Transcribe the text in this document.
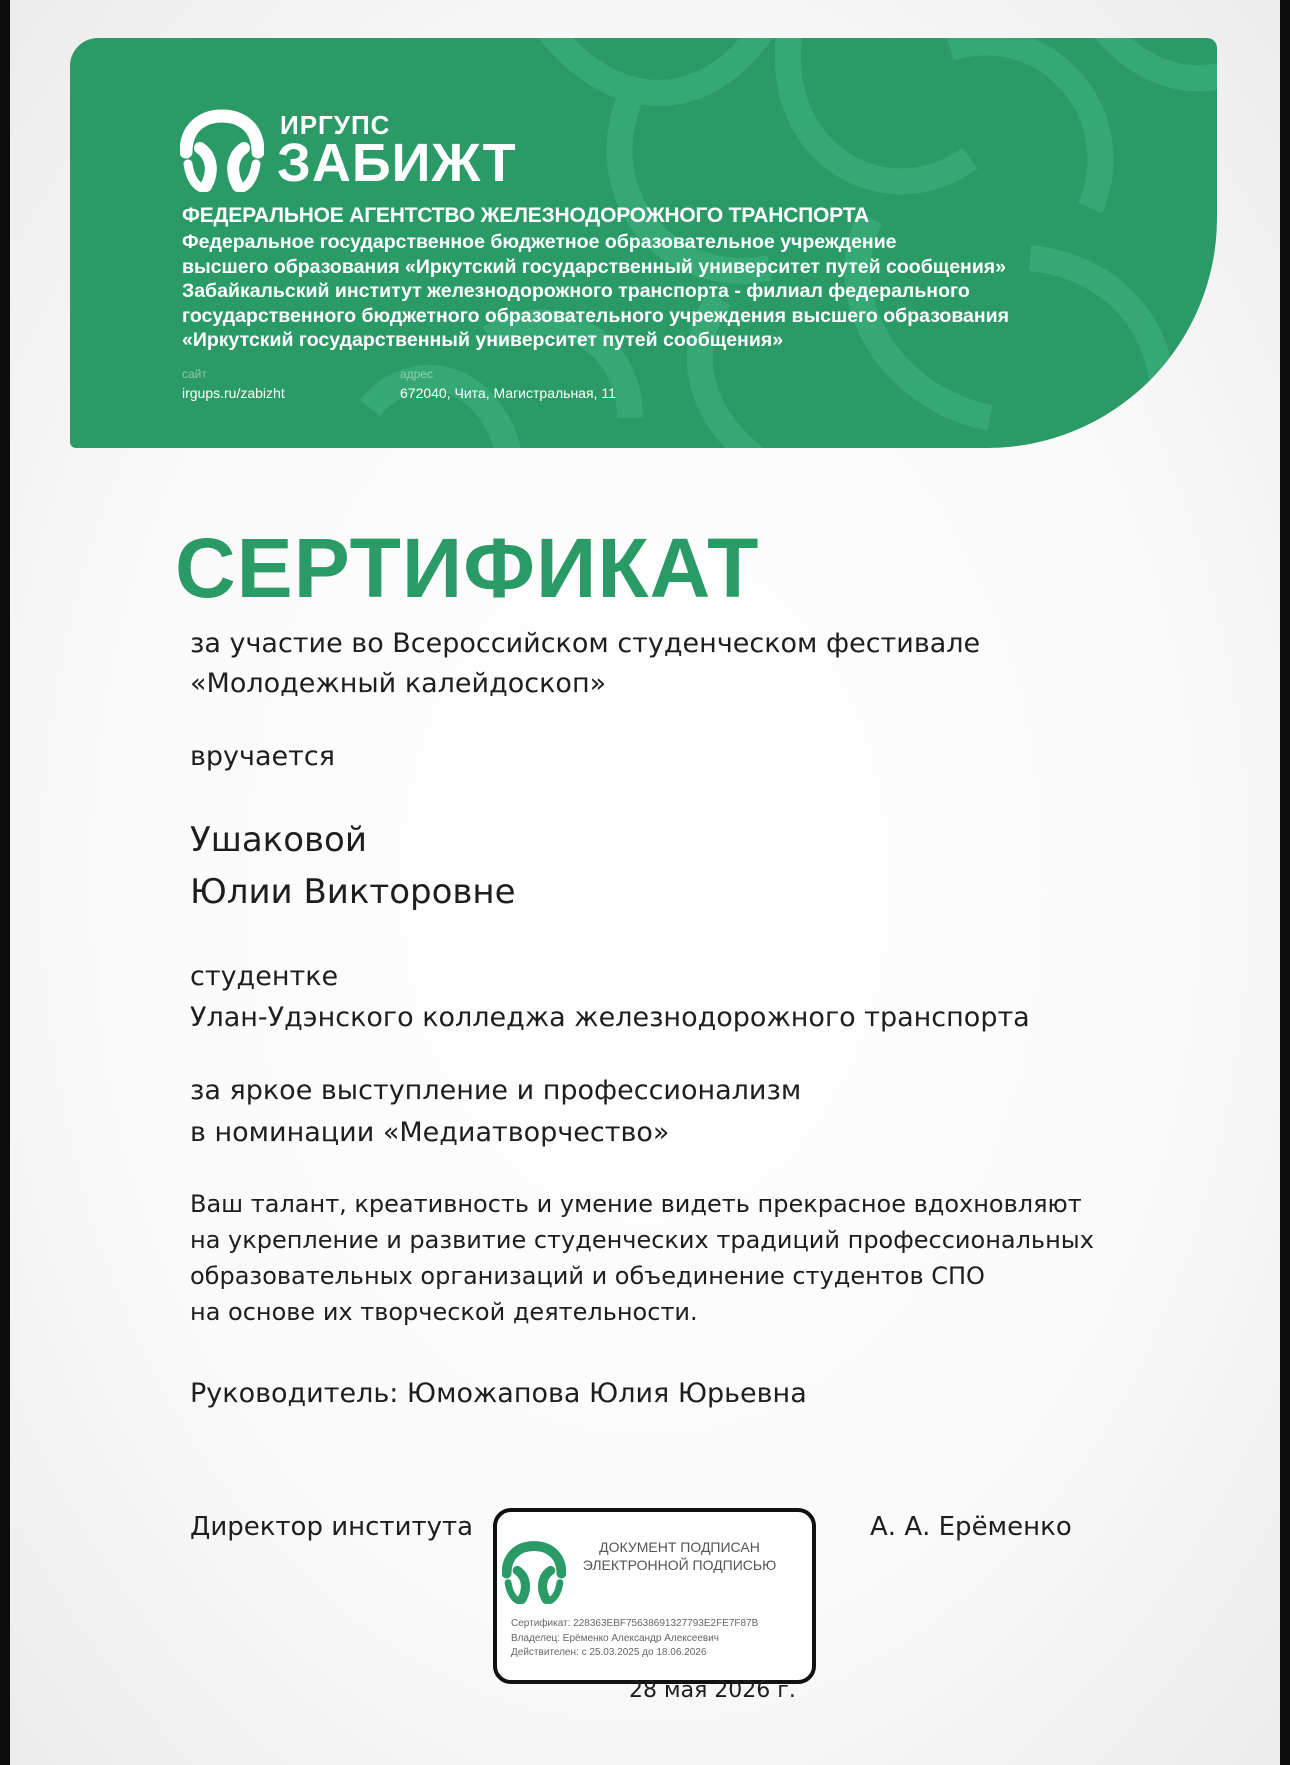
ИРГУПС
ЗАБИЖТ
ФЕДЕРАЛЬНОЕ АГЕНТСТВО ЖЕЛЕЗНОДОРОЖНОГО ТРАНСПОРТА
Федеральное государственное бюджетное образовательное учреждение
высшего образования «Иркутский государственный университет путей сообщения»
Забайкальский институт железнодорожного транспорта - филиал федерального
государственного бюджетного образовательного учреждения высшего образования
«Иркутский государственный университет путей сообщения»
сайт
irgups.ru/zabizht
адрес
672040, Чита, Магистральная, 11
СЕРТИФИКАТ
за участие во Всероссийском студенческом фестивале
«Молодежный калейдоскоп»
вручается
Ушаковой
Юлии Викторовне
студентке
Улан-Удэнского колледжа железнодорожного транспорта
за яркое выступление и профессионализм
в номинации «Медиатворчество»
Ваш талант, креативность и умение видеть прекрасное вдохновляют
на укрепление и развитие студенческих традиций профессиональных
образовательных организаций и объединение студентов СПО
на основе их творческой деятельности.
Руководитель: Юможапова Юлия Юрьевна
Директор института	А. А. Ерёменко
ДОКУМЕНТ ПОДПИСАН
ЭЛЕКТРОННОЙ ПОДПИСЬЮ
Сертификат: 228363EBF75638691327793E2FE7F87B
Владелец: Ерёменко Александр Алексеевич
Действителен: с 25.03.2025 до 18.06.2026
28 мая 2026 г.
